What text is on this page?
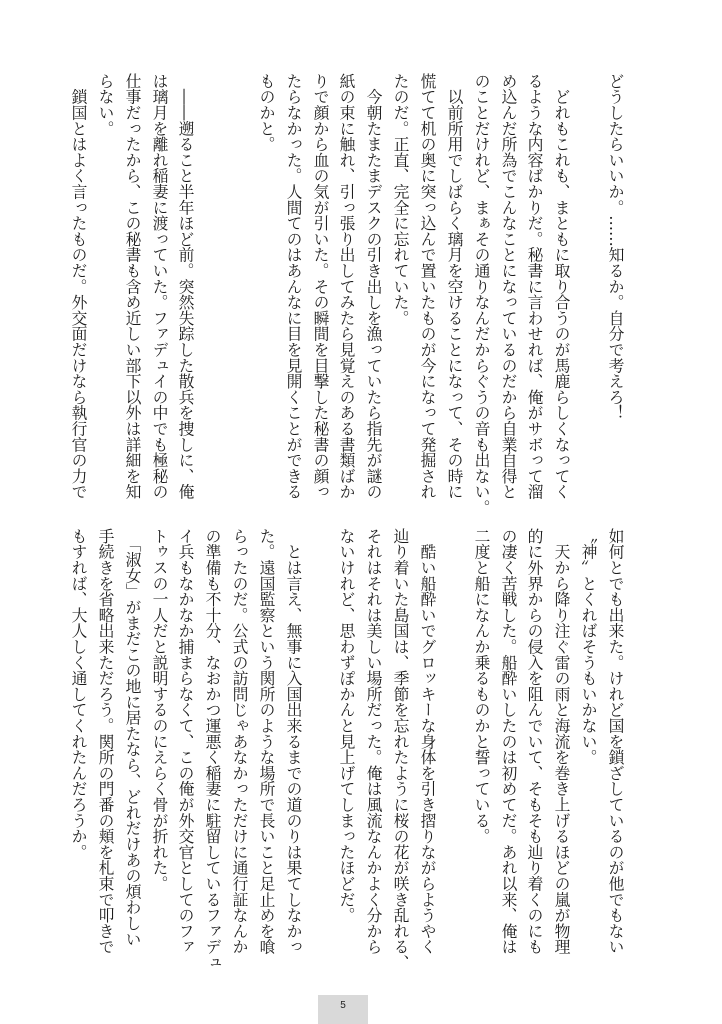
どうしたらいいか。……知るか。自分で考えろ！
　どれもこれも、まともに取り合うのが馬鹿らしくなってく
るような内容ばかりだ。秘書に言わせれば、俺がサボって溜
め込んだ所為でこんなことになっているのだから自業自得と
のことだけれど、まぁその通りなんだからぐうの音も出ない。
　以前所用でしばらく璃月を空けることになって、その時に
慌てて机の奥に突っ込んで置いたものが今になって発掘され
たのだ。正直、完全に忘れていた。
　今朝たまたまデスクの引き出しを漁っていたら指先が謎の
紙の束に触れ、引っ張り出してみたら見覚えのある書類ばか
りで顔から血の気が引いた。その瞬間を目撃した秘書の顔っ
たらなかった。人間てのはあんなに目を見開くことができる
ものかと。
　――遡ること半年ほど前。突然失踪した散兵を捜しに、俺
は璃月を離れ稲妻に渡っていた。ファデュイの中でも極秘の
仕事だったから、この秘書も含め近しい部下以外は詳細を知
らない。
　鎖国とはよく言ったものだ。外交面だけなら執行官の力で
如何とでも出来た。けれど国を鎖ざしているのが他でもない
〝神〟とくればそうもいかない。
　天から降り注ぐ雷の雨と海流を巻き上げるほどの嵐が物理
的に外界からの侵入を阻んでいて、そもそも辿り着くのにも
の凄く苦戦した。船酔いしたのは初めてだ。あれ以来、俺は
二度と船になんか乗るものかと誓っている。
　酷い船酔いでグロッキーな身体を引き摺りながらようやく
辿り着いた島国は、季節を忘れたように桜の花が咲き乱れる、
それはそれは美しい場所だった。俺は風流なんかよく分から
ないけれど、思わずぽかんと見上げてしまったほどだ。
　とは言え、無事に入国出来るまでの道のりは果てしなかっ
た。遠国監察という関所のような場所で長いこと足止めを喰
らったのだ。公式の訪問じゃあなかっただけに通行証なんか
の準備も不十分、なおかつ運悪く稲妻に駐留しているファデュ
イ兵もなかなか捕まらなくて、この俺が外交官としてのファ
トゥスの一人だと説明するのにえらく骨が折れた。
　「淑女」がまだこの地に居たなら、どれだけあの煩わしい
手続きを省略出来ただろう。関所の門番の頬を札束で叩きで
もすれば、大人しく通してくれたんだろうか。
5
